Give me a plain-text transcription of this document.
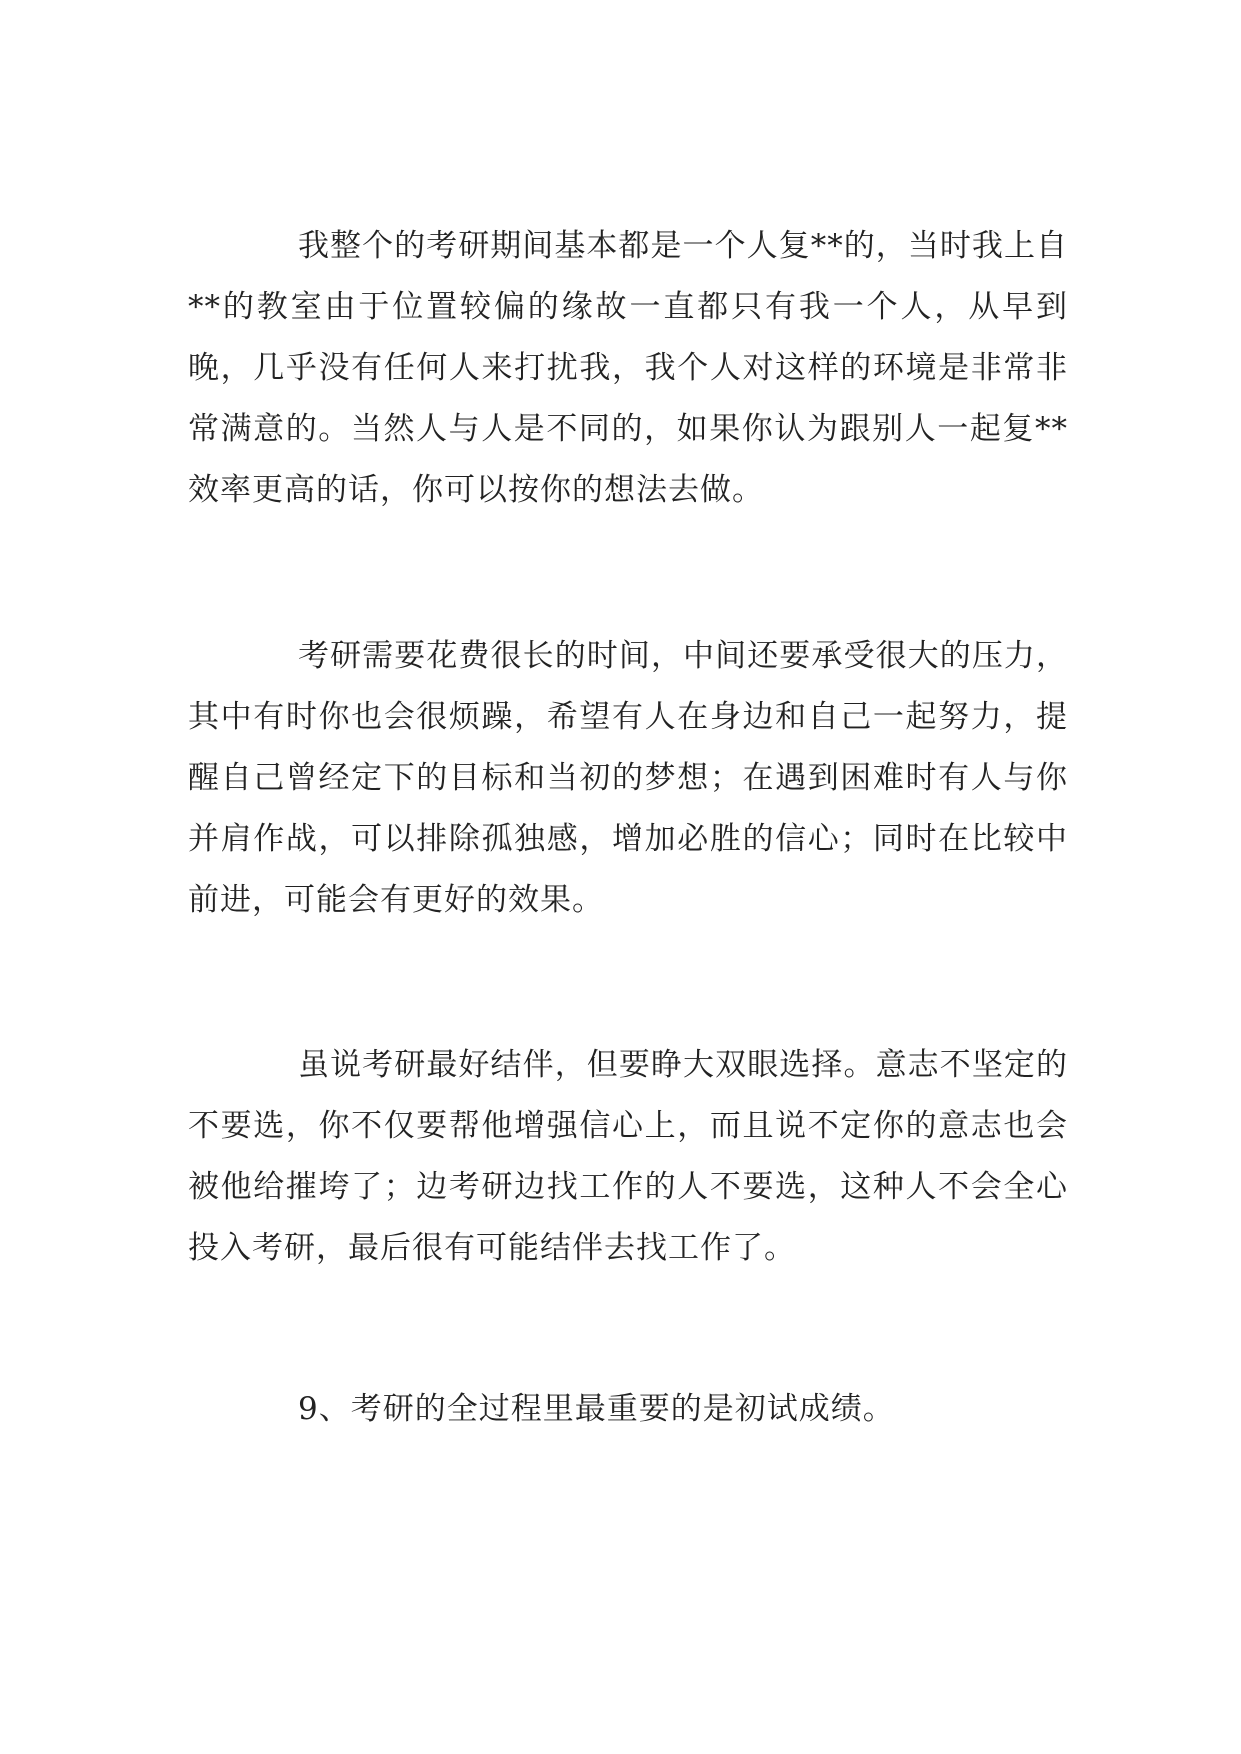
我整个的考研期间基本都是一个人复**的，当时我上自**的教室由于位置较偏的缘故一直都只有我一个人，从早到晚，几乎没有任何人来打扰我，我个人对这样的环境是非常非常满意的。当然人与人是不同的，如果你认为跟别人一起复**效率更高的话，你可以按你的想法去做。

考研需要花费很长的时间，中间还要承受很大的压力，其中有时你也会很烦躁，希望有人在身边和自己一起努力，提醒自己曾经定下的目标和当初的梦想；在遇到困难时有人与你并肩作战，可以排除孤独感，增加必胜的信心；同时在比较中前进，可能会有更好的效果。

虽说考研最好结伴，但要睁大双眼选择。意志不坚定的不要选，你不仅要帮他增强信心上，而且说不定你的意志也会被他给摧垮了；边考研边找工作的人不要选，这种人不会全心投入考研，最后很有可能结伴去找工作了。

9、考研的全过程里最重要的是初试成绩。
